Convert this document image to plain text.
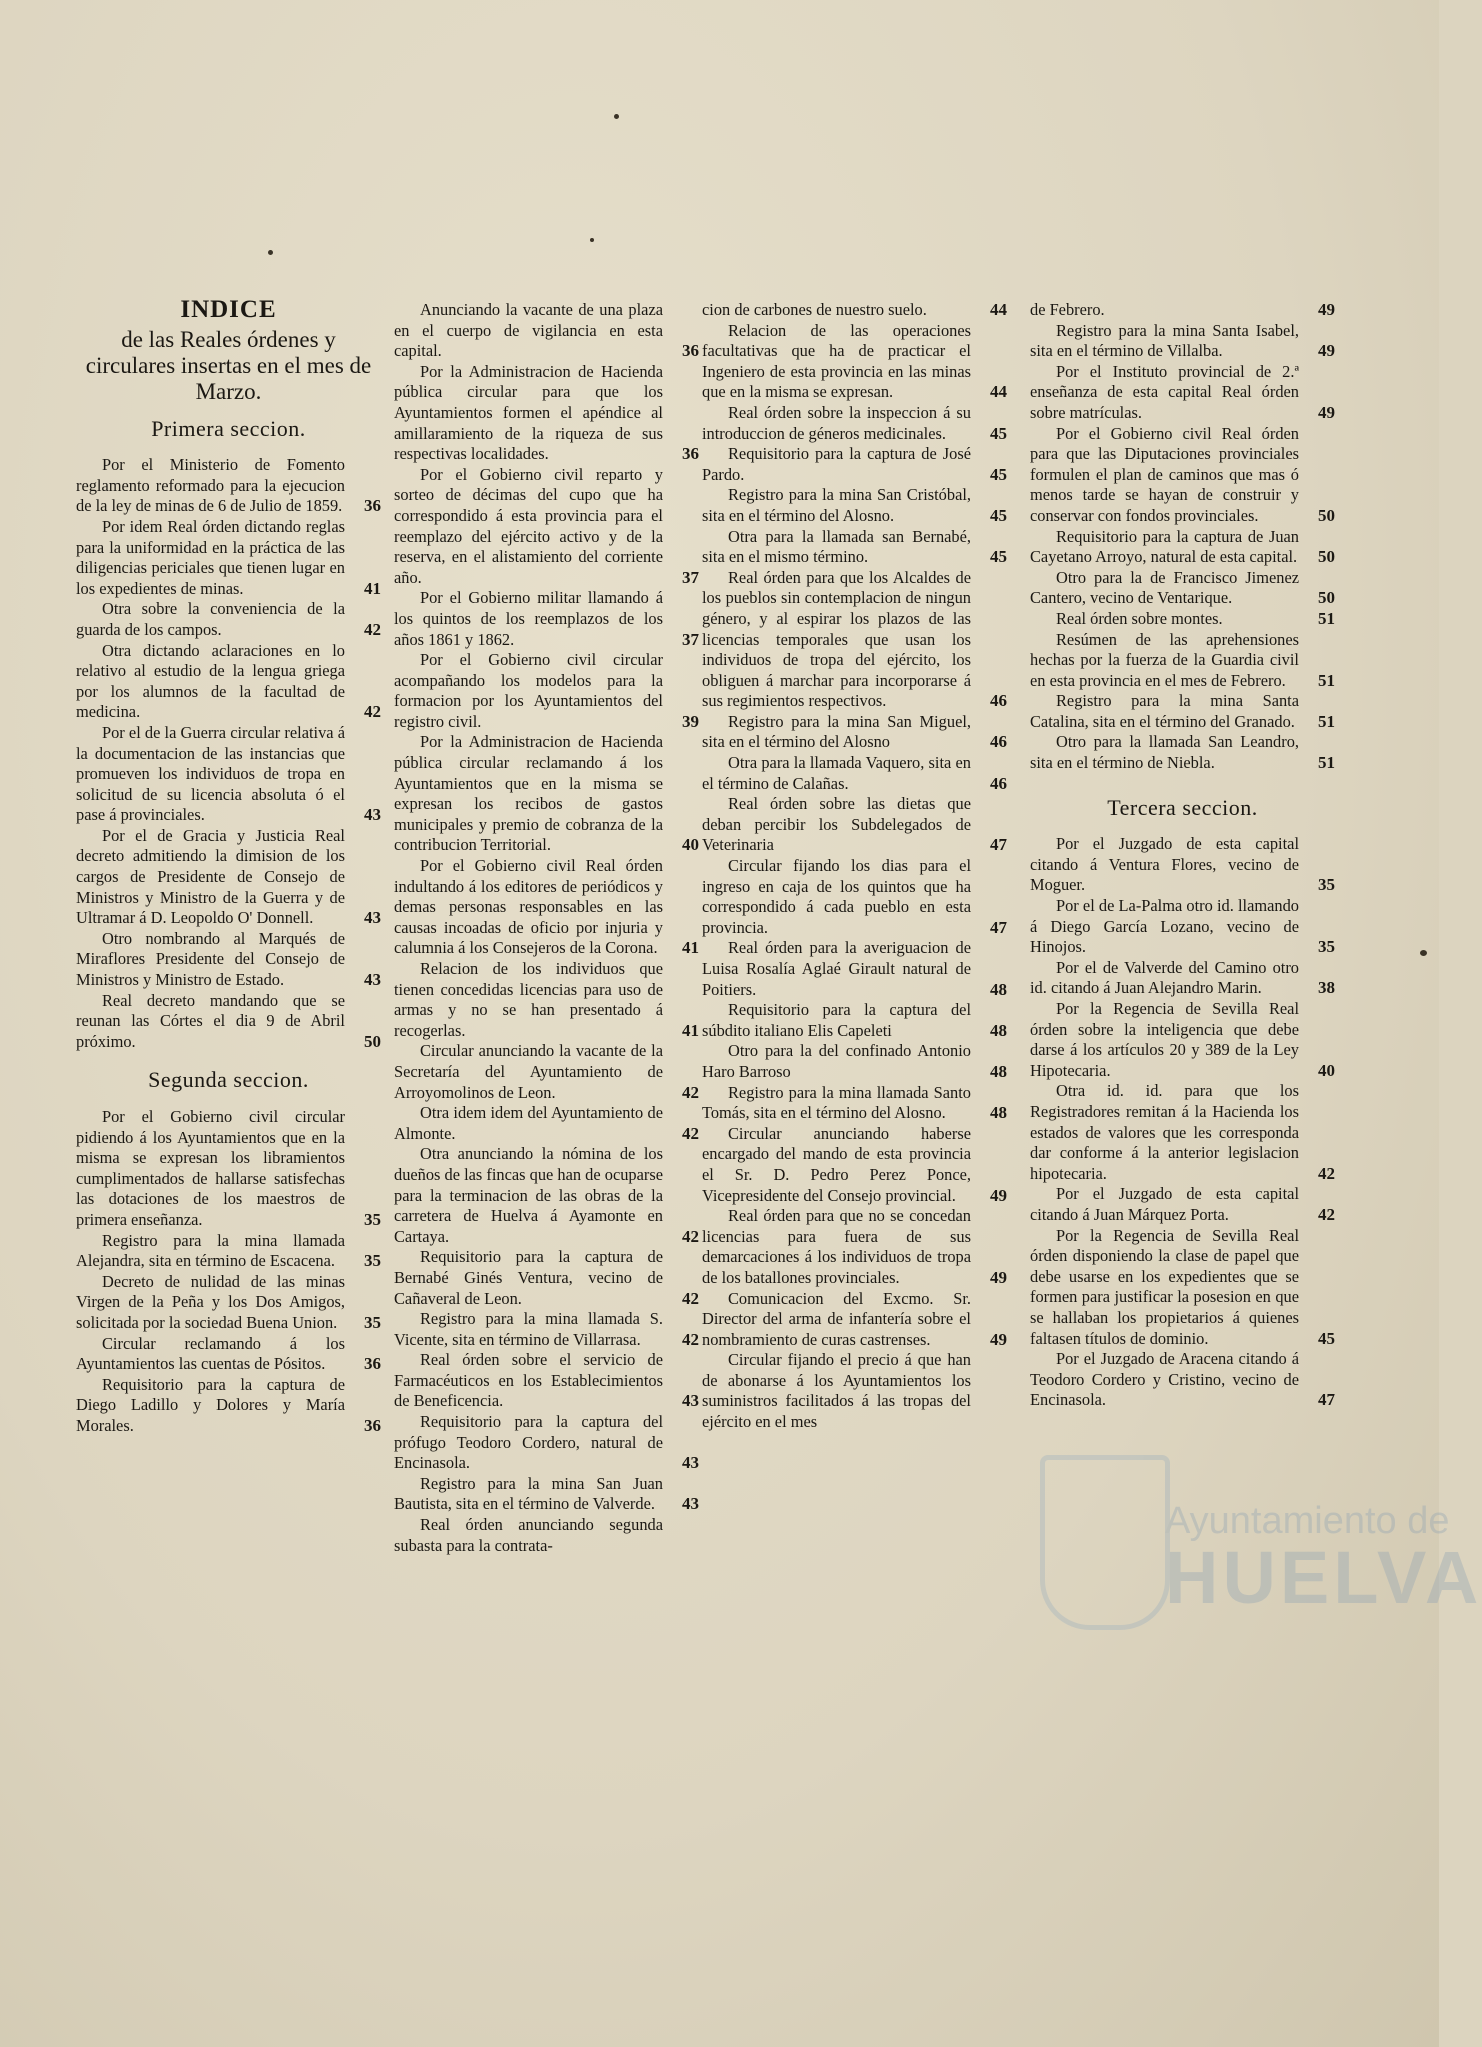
INDICE
de las Reales órdenes y circulares insertas en el mes de Marzo.
Primera seccion.

Por el Ministerio de Fomento reglamento reformado para la ejecucion de la ley de minas de 6 de Julio de 1859. 36

Por idem Real órden dictando reglas para la uniformidad en la práctica de las diligencias periciales que tienen lugar en los expedientes de minas.	41

Otra sobre la conveniencia de la guarda de los campos.	42

Otra dictando aclaraciones en lo relativo al estudio de la lengua griega por los alumnos de la facultad de medicina.	42

Por el de la Guerra circular relativa á la documentacion de las instancias que promueven los individuos de tropa en solicitud de su licencia absoluta ó el pase á provinciales.	43

Por el de Gracia y Justicia Real decreto admitiendo la dimision de los cargos de Presidente de Consejo de Ministros y Ministro de la Guerra y de Ultramar á D. Leopoldo O' Donnell.	43

Otro nombrando al Marqués de Miraflores Presidente del Consejo de Ministros y Ministro de Estado.	43

Real decreto mandando que se reunan las Córtes el dia 9 de Abril próximo.	50

Segunda seccion.

Por el Gobierno civil circular pidiendo á los Ayuntamientos que en la misma se expresan los libramientos cumplimentados de hallarse satisfechas las dotaciones de los maestros de primera enseñanza.	35

Registro para la mina llamada Alejandra, sita en término de Escacena. 35

Decreto de nulidad de las minas Virgen de la Peña y los Dos Amigos, solicitada por la sociedad Buena Union. 35

Circular reclamando á los Ayuntamientos las cuentas de Pósitos. 36

Requisitorio para la captura de Diego Ladillo y Dolores y María Morales.	36

Anunciando la vacante de una plaza en el cuerpo de vigilancia en esta capital.	36

Por la Administracion de Hacienda pública circular para que los Ayuntamientos formen el apéndice al amillaramiento de la riqueza de sus respectivas localidades.	36

Por el Gobierno civil reparto y sorteo de décimas del cupo que ha correspondido á esta provincia para el reemplazo del ejército activo y de la reserva, en el alistamiento del corriente año.	37

Por el Gobierno militar llamando á los quintos de los reemplazos de los años 1861 y 1862.	37

Por el Gobierno civil circular acompañando los modelos para la formacion por los Ayuntamientos del registro civil.	39

Por la Administracion de Hacienda pública circular reclamando á los Ayuntamientos que en la misma se expresan los recibos de gastos municipales y premio de cobranza de la contribucion Territorial.	40

Por el Gobierno civil Real órden indultando á los editores de periódicos y demas personas responsables en las causas incoadas de oficio por injuria y calumnia á los Consejeros de la Corona. 41

Relacion de los individuos que tienen concedidas licencias para uso de armas y no se han presentado á recogerlas.	41

Circular anunciando la vacante de la Secretaría del Ayuntamiento de Arroyomolinos de Leon.	42

Otra idem idem del Ayuntamiento de Almonte.	42

Otra anunciando la nómina de los dueños de las fincas que han de ocuparse para la terminacion de las obras de la carretera de Huelva á Ayamonte en Cartaya.	42

Requisitorio para la captura de Bernabé Ginés Ventura, vecino de Cañaveral de Leon.	42

Registro para la mina llamada S. Vicente, sita en término de Villarrasa. 42

Real órden sobre el servicio de Farmacéuticos en los Establecimientos de Beneficencia.	43

Requisitorio para la captura del prófugo Teodoro Cordero, natural de Encinasola.	43

Registro para la mina San Juan Bautista, sita en el término de Valverde. 43

Real órden anunciando segunda subasta para la contrata-

cion de carbones de nuestro suelo.	44

Relacion de las operaciones facultativas que ha de practicar el Ingeniero de esta provincia en las minas que en la misma se expresan.	44

Real órden sobre la inspeccion á su introduccion de géneros medicinales.	45

Requisitorio para la captura de José Pardo.	45

Registro para la mina San Cristóbal, sita en el término del Alosno.	45

Otra para la llamada san Bernabé, sita en el mismo término.	45

Real órden para que los Alcaldes de los pueblos sin contemplacion de ningun género, y al espirar los plazos de las licencias temporales que usan los individuos de tropa del ejército, los obliguen á marchar para incorporarse á sus regimientos respectivos.	46

Registro para la mina San Miguel, sita en el término del Alosno	46

Otra para la llamada Vaquero, sita en el término de Calañas.	46

Real órden sobre las dietas que deban percibir los Subdelegados de Veterinaria	47

Circular fijando los dias para el ingreso en caja de los quintos que ha correspondido á cada pueblo en esta provincia.	47

Real órden para la averiguacion de Luisa Rosalía Aglaé Girault natural de Poitiers.	48

Requisitorio para la captura del súbdito italiano Elis Capeleti	48

Otro para la del confinado Antonio Haro Barroso	48

Registro para la mina llamada Santo Tomás, sita en el término del Alosno.	48

Circular anunciando haberse encargado del mando de esta provincia el Sr. D. Pedro Perez Ponce, Vicepresidente del Consejo provincial. 49

Real órden para que no se concedan licencias para fuera de sus demarcaciones á los individuos de tropa de los batallones provinciales.	49

Comunicacion del Excmo. Sr. Director del arma de infantería sobre el nombramiento de curas castrenses.	49

Circular fijando el precio á que han de abonarse á los Ayuntamientos los suministros facilitados á las tropas del ejército en el mes

de Febrero.	49

Registro para la mina Santa Isabel, sita en el término de Villalba.	49

Por el Instituto provincial de 2.ª enseñanza de esta capital Real órden sobre matrículas.	49

Por el Gobierno civil Real órden para que las Diputaciones provinciales formulen el plan de caminos que mas ó menos tarde se hayan de construir y conservar con fondos provinciales.	50

Requisitorio para la captura de Juan Cayetano Arroyo, natural de esta capital. 50

Otro para la de Francisco Jimenez Cantero, vecino de Ventarique.	50

Real órden sobre montes.	51

Resúmen de las aprehensiones hechas por la fuerza de la Guardia civil en esta provincia en el mes de Febrero. 51

Registro para la mina Santa Catalina, sita en el término del Granado. 51

Otro para la llamada San Leandro, sita en el término de Niebla.	51

Tercera seccion.

Por el Juzgado de esta capital citando á Ventura Flores, vecino de Moguer.	35

Por el de La-Palma otro id. llamando á Diego García Lozano, vecino de Hinojos.	35

Por el de Valverde del Camino otro id. citando á Juan Alejandro Marin.	38

Por la Regencia de Sevilla Real órden sobre la inteligencia que debe darse á los artículos 20 y 389 de la Ley Hipotecaria.	40

Otra id. id. para que los Registradores remitan á la Hacienda los estados de valores que les corresponda dar conforme á la anterior legislacion hipotecaria.	42

Por el Juzgado de esta capital citando á Juan Márquez Porta.	42

Por la Regencia de Sevilla Real órden disponiendo la clase de papel que debe usarse en los expedientes que se formen para justificar la posesion en que se hallaban los propietarios á quienes faltasen títulos de dominio.	45

Por el Juzgado de Aracena citando á Teodoro Cordero y Cristino, vecino de Encinasola.	47

Ayuntamiento de
HUELVA
